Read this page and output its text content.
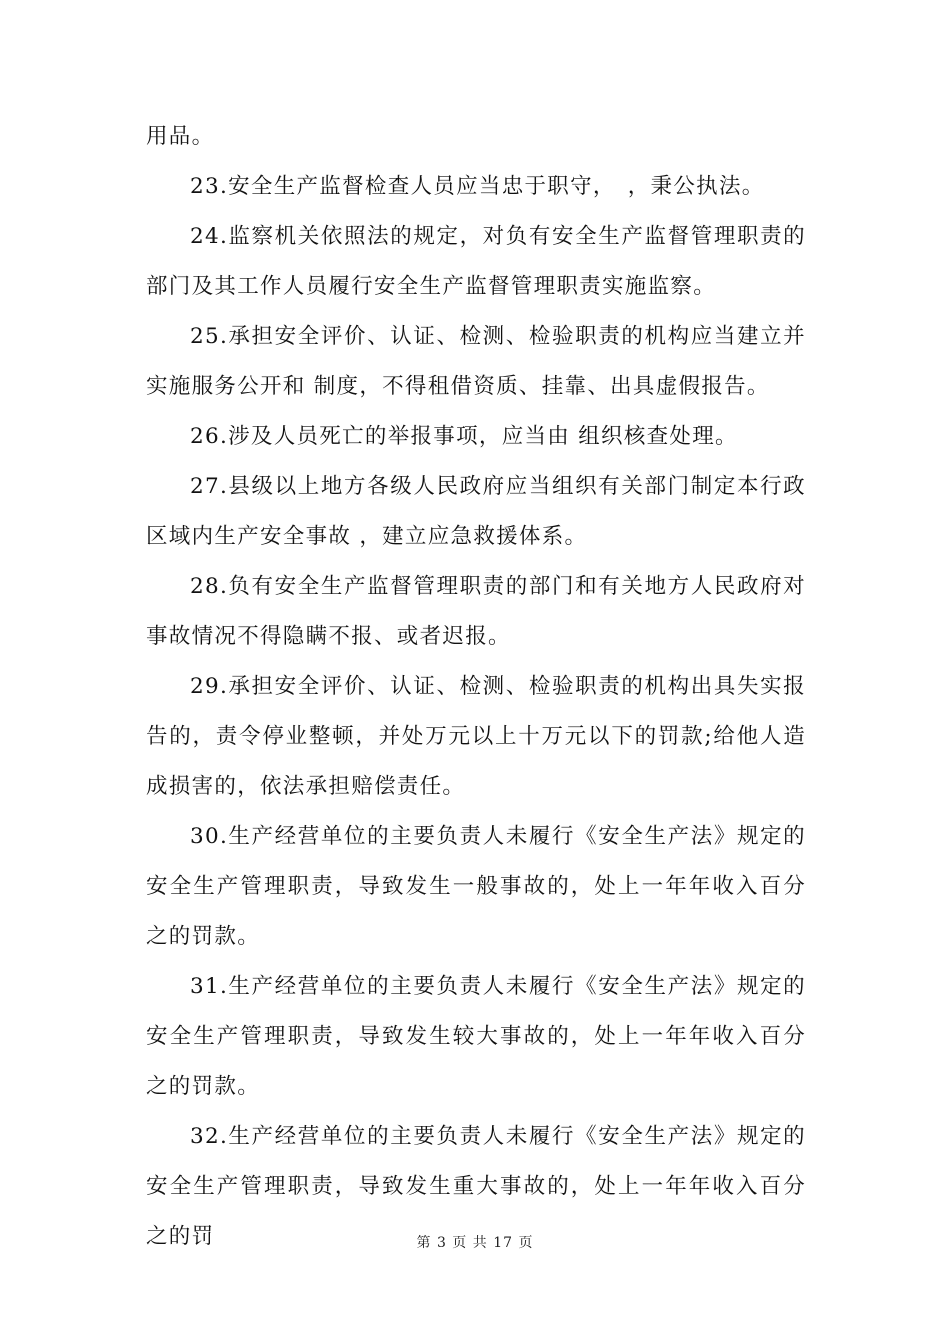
用品。

23.安全生产监督检查人员应当忠于职守，　，秉公执法。

24.监察机关依照法的规定，对负有安全生产监督管理职责的部门及其工作人员履行安全生产监督管理职责实施监察。

25.承担安全评价、认证、检测、检验职责的机构应当建立并实施服务公开和 制度，不得租借资质、挂靠、出具虚假报告。

26.涉及人员死亡的举报事项，应当由 组织核查处理。

27.县级以上地方各级人民政府应当组织有关部门制定本行政区域内生产安全事故 ，建立应急救援体系。

28.负有安全生产监督管理职责的部门和有关地方人民政府对事故情况不得隐瞒不报、或者迟报。

29.承担安全评价、认证、检测、检验职责的机构出具失实报告的，责令停业整顿，并处万元以上十万元以下的罚款;给他人造成损害的，依法承担赔偿责任。

30.生产经营单位的主要负责人未履行《安全生产法》规定的安全生产管理职责，导致发生一般事故的，处上一年年收入百分之的罚款。

31.生产经营单位的主要负责人未履行《安全生产法》规定的安全生产管理职责，导致发生较大事故的，处上一年年收入百分之的罚款。

32.生产经营单位的主要负责人未履行《安全生产法》规定的安全生产管理职责，导致发生重大事故的，处上一年年收入百分之的罚	第 3 页 共 17 页
